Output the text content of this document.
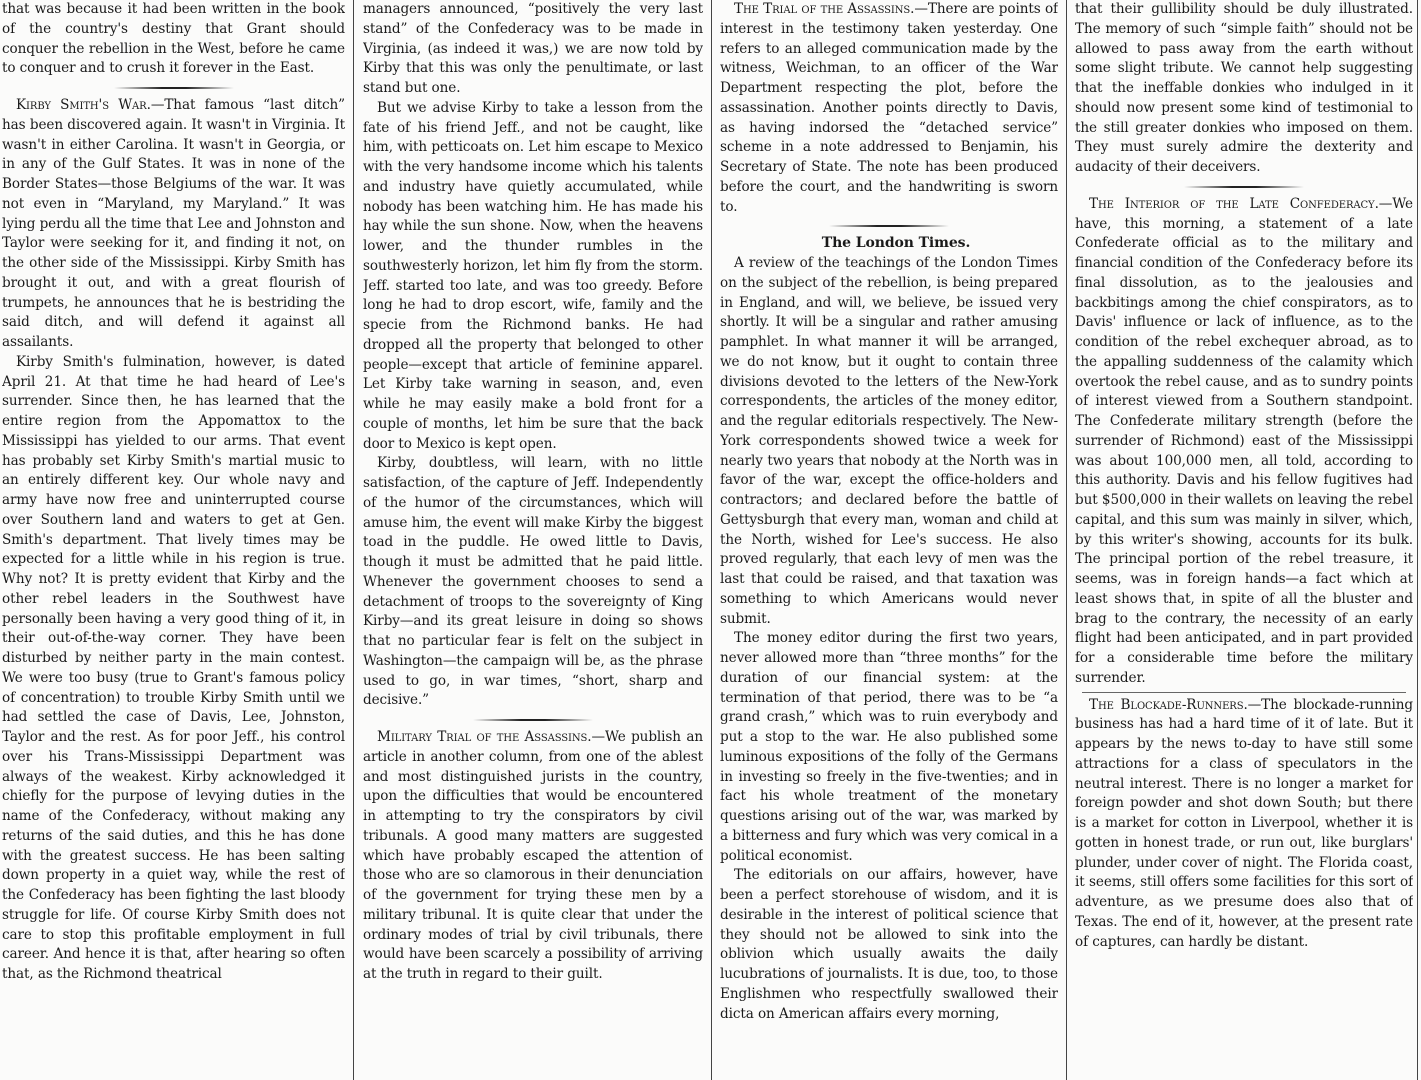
that was because it had been written in the book of the country's destiny that Grant should conquer the rebellion in the West, before he came to conquer and to crush it forever in the East.

Kirby Smith's War.—That famous “last ditch” has been discovered again. It wasn't in Virginia. It wasn't in either Carolina. It wasn't in Georgia, or in any of the Gulf States. It was in none of the Border States—those Belgiums of the war. It was not even in “Maryland, my Maryland.” It was lying perdu all the time that Lee and Johnston and Taylor were seeking for it, and finding it not, on the other side of the Mississippi. Kirby Smith has brought it out, and with a great flourish of trumpets, he announces that he is bestriding the said ditch, and will defend it against all assailants.

Kirby Smith's fulmination, however, is dated April 21. At that time he had heard of Lee's surrender. Since then, he has learned that the entire region from the Appomattox to the Mississippi has yielded to our arms. That event has probably set Kirby Smith's martial music to an entirely different key. Our whole navy and army have now free and uninterrupted course over Southern land and waters to get at Gen. Smith's department. That lively times may be expected for a little while in his region is true. Why not? It is pretty evident that Kirby and the other rebel leaders in the Southwest have personally been having a very good thing of it, in their out-of-the-way corner. They have been disturbed by neither party in the main contest. We were too busy (true to Grant's famous policy of concentration) to trouble Kirby Smith until we had settled the case of Davis, Lee, Johnston, Taylor and the rest. As for poor Jeff., his control over his Trans-Mississippi Department was always of the weakest. Kirby acknowledged it chiefly for the purpose of levying duties in the name of the Confederacy, without making any returns of the said duties, and this he has done with the greatest success. He has been salting down property in a quiet way, while the rest of the Confederacy has been fighting the last bloody struggle for life. Of course Kirby Smith does not care to stop this profitable employment in full career. And hence it is that, after hearing so often that, as the Richmond theatrical

managers announced, “positively the very last stand” of the Confederacy was to be made in Virginia, (as indeed it was,) we are now told by Kirby that this was only the penultimate, or last stand but one.

But we advise Kirby to take a lesson from the fate of his friend Jeff., and not be caught, like him, with petticoats on. Let him escape to Mexico with the very handsome income which his talents and industry have quietly accumulated, while nobody has been watching him. He has made his hay while the sun shone. Now, when the heavens lower, and the thunder rumbles in the southwesterly horizon, let him fly from the storm. Jeff. started too late, and was too greedy. Before long he had to drop escort, wife, family and the specie from the Richmond banks. He had dropped all the property that belonged to other people—except that article of feminine apparel. Let Kirby take warning in season, and, even while he may easily make a bold front for a couple of months, let him be sure that the back door to Mexico is kept open.

Kirby, doubtless, will learn, with no little satisfaction, of the capture of Jeff. Independently of the humor of the circumstances, which will amuse him, the event will make Kirby the biggest toad in the puddle. He owed little to Davis, though it must be admitted that he paid little. Whenever the government chooses to send a detachment of troops to the sovereignty of King Kirby—and its great leisure in doing so shows that no particular fear is felt on the subject in Washington—the campaign will be, as the phrase used to go, in war times, “short, sharp and decisive.”

Military Trial of the Assassins.—We publish an article in another column, from one of the ablest and most distinguished jurists in the country, upon the difficulties that would be encountered in attempting to try the conspirators by civil tribunals. A good many matters are suggested which have probably escaped the attention of those who are so clamorous in their denunciation of the government for trying these men by a military tribunal. It is quite clear that under the ordinary modes of trial by civil tribunals, there would have been scarcely a possibility of arriving at the truth in regard to their guilt.

The Trial of the Assassins.—There are points of interest in the testimony taken yesterday. One refers to an alleged communication made by the witness, Weichman, to an officer of the War Department respecting the plot, before the assassination. Another points directly to Davis, as having indorsed the “detached service” scheme in a note addressed to Benjamin, his Secretary of State. The note has been produced before the court, and the handwriting is sworn to.

The London Times.

A review of the teachings of the London Times on the subject of the rebellion, is being prepared in England, and will, we believe, be issued very shortly. It will be a singular and rather amusing pamphlet. In what manner it will be arranged, we do not know, but it ought to contain three divisions devoted to the letters of the New-York correspondents, the articles of the money editor, and the regular editorials respectively. The New-York correspondents showed twice a week for nearly two years that nobody at the North was in favor of the war, except the office-holders and contractors; and declared before the battle of Gettysburgh that every man, woman and child at the North, wished for Lee's success. He also proved regularly, that each levy of men was the last that could be raised, and that taxation was something to which Americans would never submit.

The money editor during the first two years, never allowed more than “three months” for the duration of our financial system: at the termination of that period, there was to be “a grand crash,” which was to ruin everybody and put a stop to the war. He also published some luminous expositions of the folly of the Germans in investing so freely in the five-twenties; and in fact his whole treatment of the monetary questions arising out of the war, was marked by a bitterness and fury which was very comical in a political economist.

The editorials on our affairs, however, have been a perfect storehouse of wisdom, and it is desirable in the interest of political science that they should not be allowed to sink into the oblivion which usually awaits the daily lucubrations of journalists. It is due, too, to those Englishmen who respectfully swallowed their dicta on American affairs every morning,

that their gullibility should be duly illustrated. The memory of such “simple faith” should not be allowed to pass away from the earth without some slight tribute. We cannot help suggesting that the ineffable donkies who indulged in it should now present some kind of testimonial to the still greater donkies who imposed on them. They must surely admire the dexterity and audacity of their deceivers.

The Interior of the Late Confederacy.—We have, this morning, a statement of a late Confederate official as to the military and financial condition of the Confederacy before its final dissolution, as to the jealousies and backbitings among the chief conspirators, as to Davis' influence or lack of influence, as to the condition of the rebel exchequer abroad, as to the appalling suddenness of the calamity which overtook the rebel cause, and as to sundry points of interest viewed from a Southern standpoint. The Confederate military strength (before the surrender of Richmond) east of the Mississippi was about 100,000 men, all told, according to this authority. Davis and his fellow fugitives had but $500,000 in their wallets on leaving the rebel capital, and this sum was mainly in silver, which, by this writer's showing, accounts for its bulk. The principal portion of the rebel treasure, it seems, was in foreign hands—a fact which at least shows that, in spite of all the bluster and brag to the contrary, the necessity of an early flight had been anticipated, and in part provided for a considerable time before the military surrender.

The Blockade-Runners.—The blockade-running business has had a hard time of it of late. But it appears by the news to-day to have still some attractions for a class of speculators in the neutral interest. There is no longer a market for foreign powder and shot down South; but there is a market for cotton in Liverpool, whether it is gotten in honest trade, or run out, like burglars' plunder, under cover of night. The Florida coast, it seems, still offers some facilities for this sort of adventure, as we presume does also that of Texas. The end of it, however, at the present rate of captures, can hardly be distant.
